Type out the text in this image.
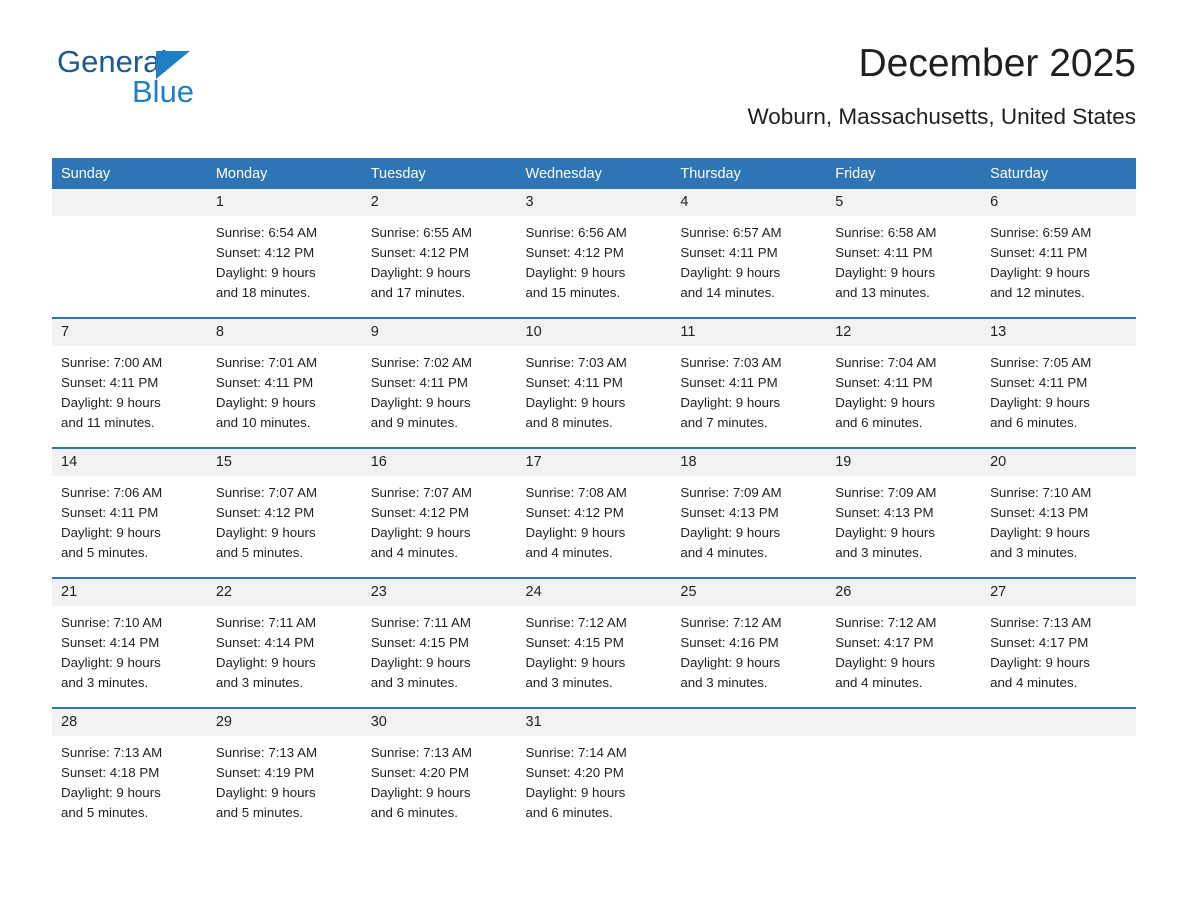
General
Blue
December 2025
Woburn, Massachusetts, United States
Sunday	Monday	Tuesday	Wednesday	Thursday	Friday	Saturday
	1	2	3	4	5	6

	Sunrise: 6:54 AM
Sunset: 4:12 PM
Daylight: 9 hours
and 18 minutes.	Sunrise: 6:55 AM
Sunset: 4:12 PM
Daylight: 9 hours
and 17 minutes.	Sunrise: 6:56 AM
Sunset: 4:12 PM
Daylight: 9 hours
and 15 minutes.	Sunrise: 6:57 AM
Sunset: 4:11 PM
Daylight: 9 hours
and 14 minutes.	Sunrise: 6:58 AM
Sunset: 4:11 PM
Daylight: 9 hours
and 13 minutes.	Sunrise: 6:59 AM
Sunset: 4:11 PM
Daylight: 9 hours
and 12 minutes.

7	8	9	10	11	12	13

Sunrise: 7:00 AM
Sunset: 4:11 PM
Daylight: 9 hours
and 11 minutes.	Sunrise: 7:01 AM
Sunset: 4:11 PM
Daylight: 9 hours
and 10 minutes.	Sunrise: 7:02 AM
Sunset: 4:11 PM
Daylight: 9 hours
and 9 minutes.	Sunrise: 7:03 AM
Sunset: 4:11 PM
Daylight: 9 hours
and 8 minutes.	Sunrise: 7:03 AM
Sunset: 4:11 PM
Daylight: 9 hours
and 7 minutes.	Sunrise: 7:04 AM
Sunset: 4:11 PM
Daylight: 9 hours
and 6 minutes.	Sunrise: 7:05 AM
Sunset: 4:11 PM
Daylight: 9 hours
and 6 minutes.

14	15	16	17	18	19	20

Sunrise: 7:06 AM
Sunset: 4:11 PM
Daylight: 9 hours
and 5 minutes.	Sunrise: 7:07 AM
Sunset: 4:12 PM
Daylight: 9 hours
and 5 minutes.	Sunrise: 7:07 AM
Sunset: 4:12 PM
Daylight: 9 hours
and 4 minutes.	Sunrise: 7:08 AM
Sunset: 4:12 PM
Daylight: 9 hours
and 4 minutes.	Sunrise: 7:09 AM
Sunset: 4:13 PM
Daylight: 9 hours
and 4 minutes.	Sunrise: 7:09 AM
Sunset: 4:13 PM
Daylight: 9 hours
and 3 minutes.	Sunrise: 7:10 AM
Sunset: 4:13 PM
Daylight: 9 hours
and 3 minutes.

21	22	23	24	25	26	27

Sunrise: 7:10 AM
Sunset: 4:14 PM
Daylight: 9 hours
and 3 minutes.	Sunrise: 7:11 AM
Sunset: 4:14 PM
Daylight: 9 hours
and 3 minutes.	Sunrise: 7:11 AM
Sunset: 4:15 PM
Daylight: 9 hours
and 3 minutes.	Sunrise: 7:12 AM
Sunset: 4:15 PM
Daylight: 9 hours
and 3 minutes.	Sunrise: 7:12 AM
Sunset: 4:16 PM
Daylight: 9 hours
and 3 minutes.	Sunrise: 7:12 AM
Sunset: 4:17 PM
Daylight: 9 hours
and 4 minutes.	Sunrise: 7:13 AM
Sunset: 4:17 PM
Daylight: 9 hours
and 4 minutes.

28	29	30	31			

Sunrise: 7:13 AM
Sunset: 4:18 PM
Daylight: 9 hours
and 5 minutes.	Sunrise: 7:13 AM
Sunset: 4:19 PM
Daylight: 9 hours
and 5 minutes.	Sunrise: 7:13 AM
Sunset: 4:20 PM
Daylight: 9 hours
and 6 minutes.	Sunrise: 7:14 AM
Sunset: 4:20 PM
Daylight: 9 hours
and 6 minutes.			
